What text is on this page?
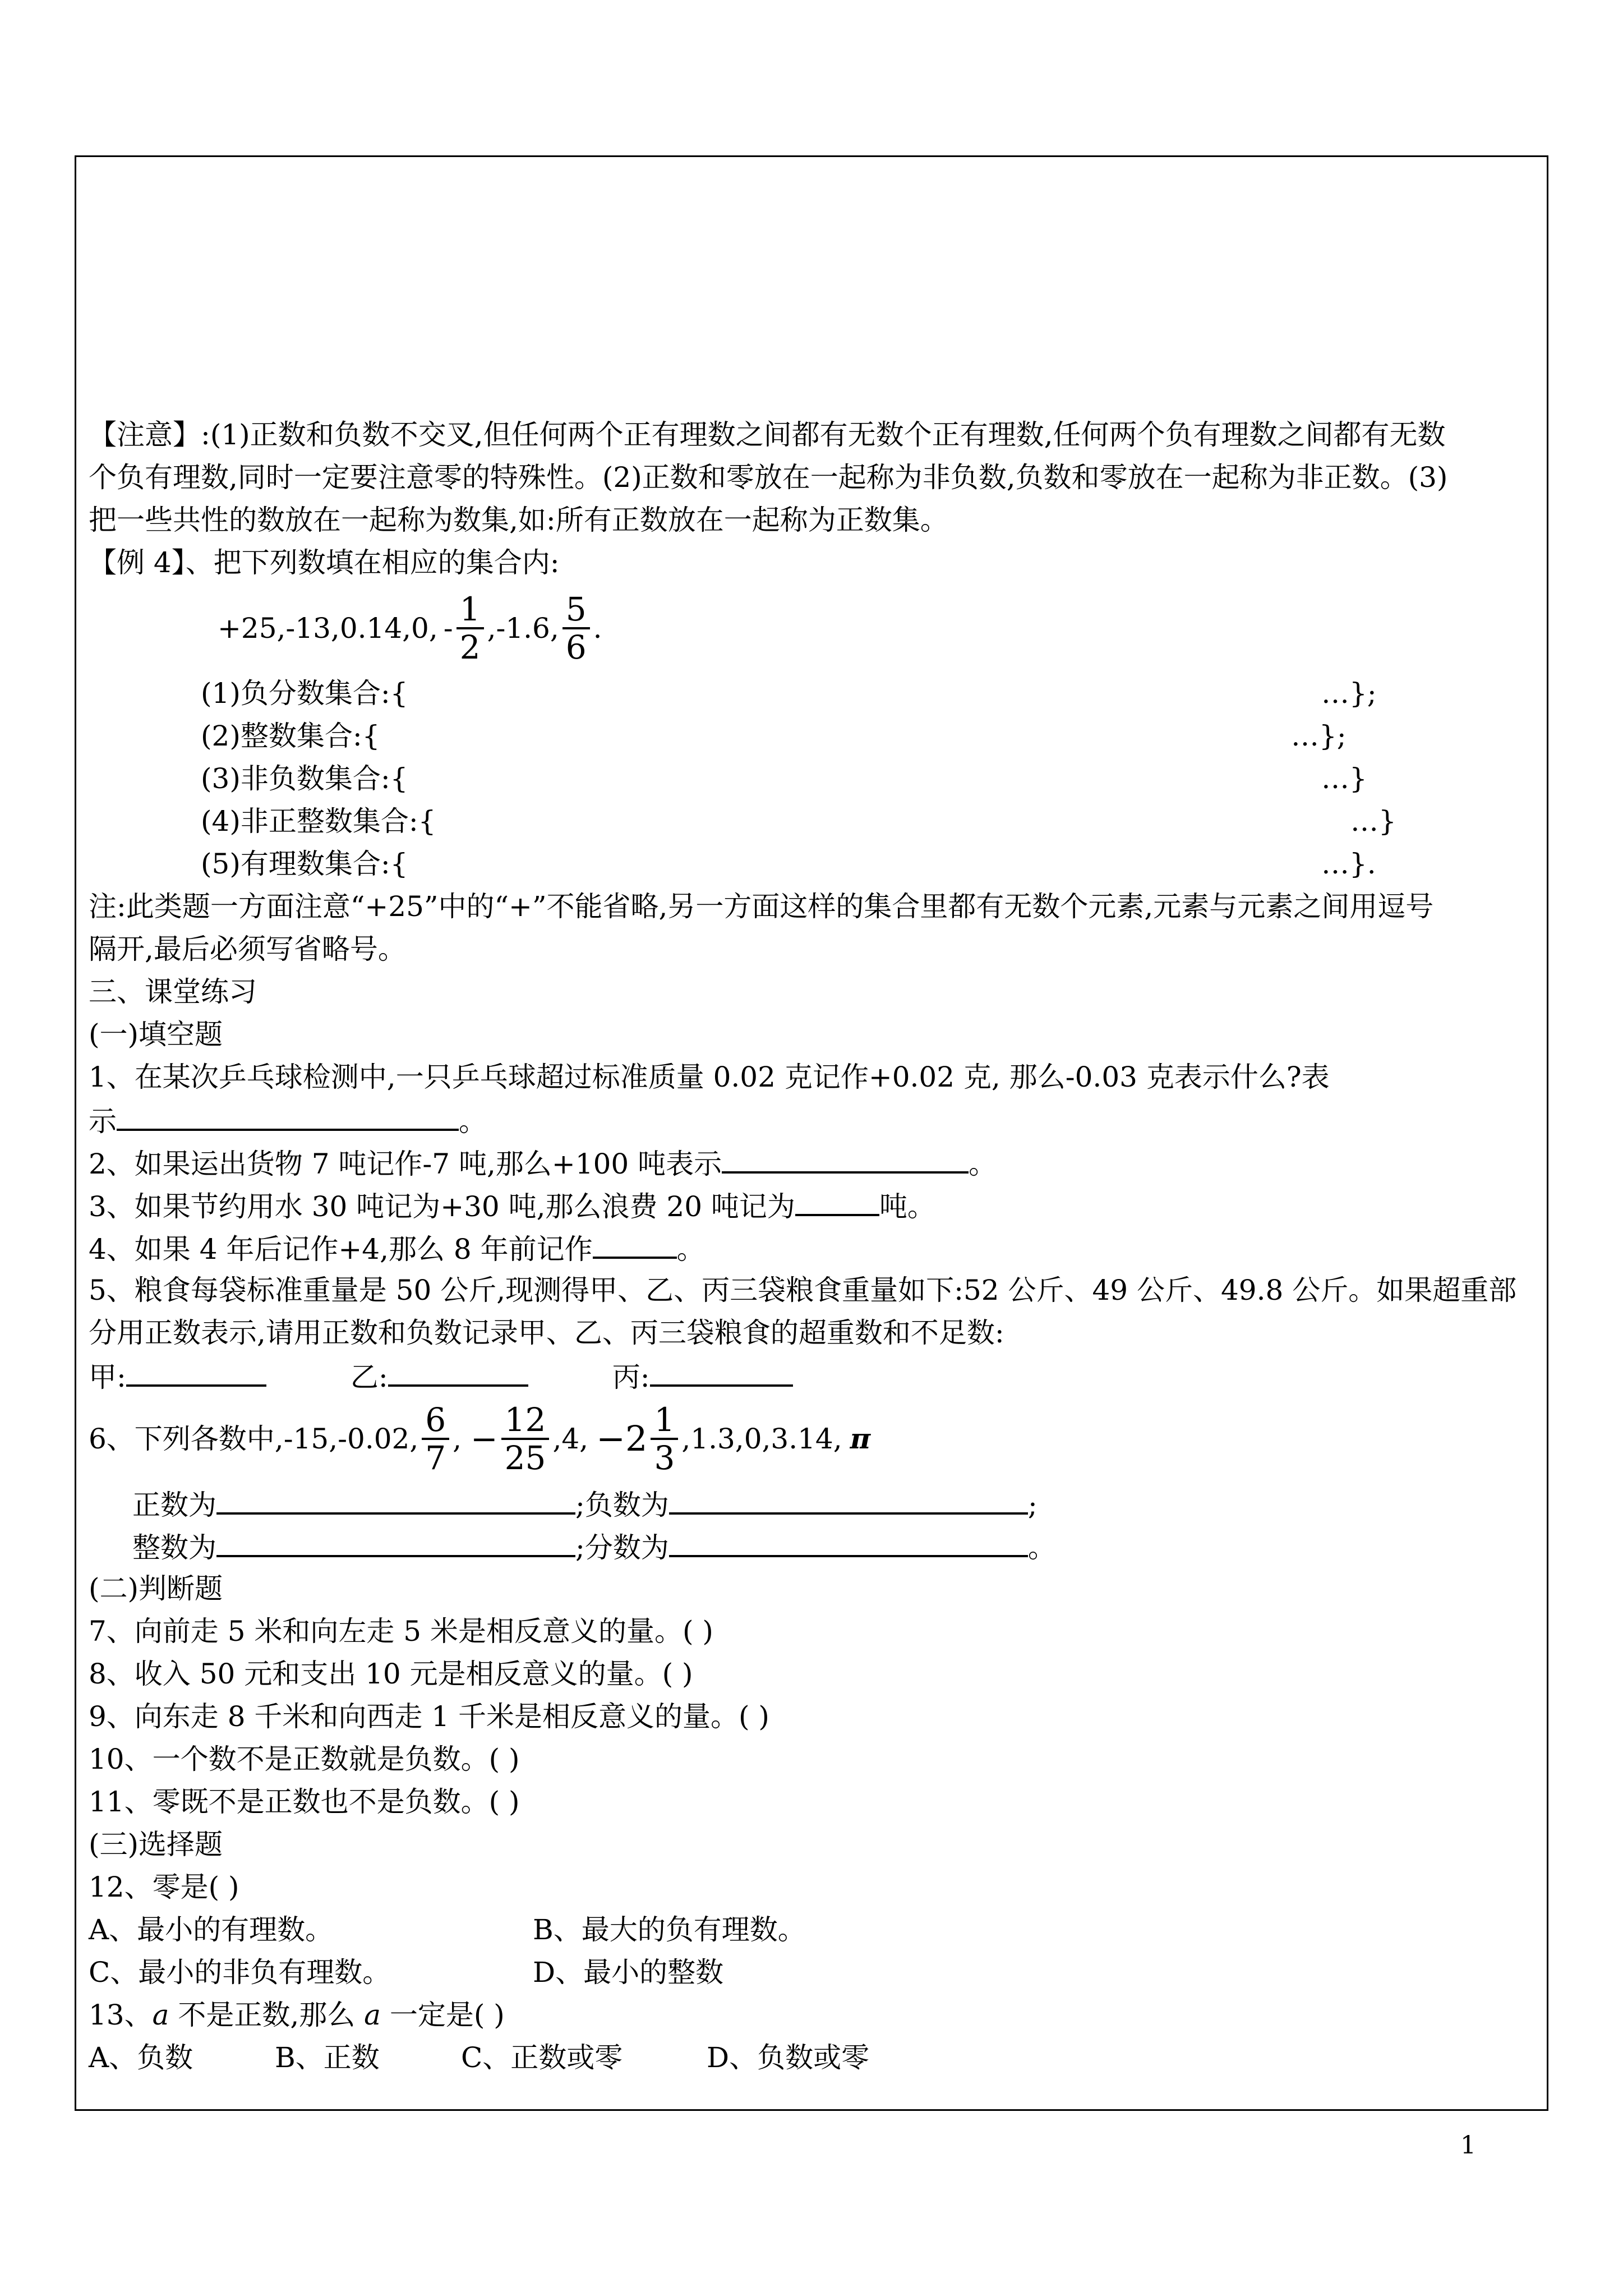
【注意】:(1)正数和负数不交叉,但任何两个正有理数之间都有无数个正有理数,任何两个负有理数之间都有无数
个负有理数,同时一定要注意零的特殊性。(2)正数和零放在一起称为非负数,负数和零放在一起称为非正数。(3)
把一些共性的数放在一起称为数集,如:所有正数放在一起称为正数集。
【例 4】、把下列数填在相应的集合内:
+25,-13,0.14,0, - $\frac{1}{2} ,-1.6$, $\frac{5}{6}$ .
(1)负分数集合:{	…};
(2)整数集合:{	…};
(3)非负数集合:{	…}
(4)非正整数集合:{	…}
(5)有理数集合:{	…}.
注:此类题一方面注意“+25”中的“+”不能省略,另一方面这样的集合里都有无数个元素,元素与元素之间用逗号
隔开,最后必须写省略号。
三、课堂练习
(一)填空题
1、在某次乒乓球检测中,一只乒乓球超过标准质量 0.02 克记作+0.02 克, 那么-0.03 克表示什么?表
示	。
2、如果运出货物 7 吨记作-7 吨,那么+100 吨表示	。
3、如果节约用水 30 吨记为+30 吨,那么浪费 20 吨记为	吨。
4、如果 4 年后记作+4,那么 8 年前记作	。
5、粮食每袋标准重量是 50 公斤,现测得甲、乙、丙三袋粮食重量如下:52 公斤、49 公斤、49.8 公斤。如果超重部
分用正数表示,请用正数和负数记录甲、乙、丙三袋粮食的超重数和不足数:
甲:	乙:	丙:
6、下列各数中,-15,-0.02, $\frac{6}{7}$ , − $\frac{12}{25} ,4$, $-2 \frac{1}{3} ,1.3,0,3.14$, π
正数为	;负数为	;
整数为	;分数为	。
(二)判断题
7、向前走 5 米和向左走 5 米是相反意义的量。( )
8、收入 50 元和支出 10 元是相反意义的量。( )
9、向东走 8 千米和向西走 1 千米是相反意义的量。( )
10、一个数不是正数就是负数。( )
11、零既不是正数也不是负数。( )
(三)选择题
12、零是( )
A、最小的有理数。	B、最大的负有理数。
C、最小的非负有理数。	D、最小的整数
13、a 不是正数,那么 a 一定是( )
A、负数	B、正数	C、正数或零	D、负数或零
1
